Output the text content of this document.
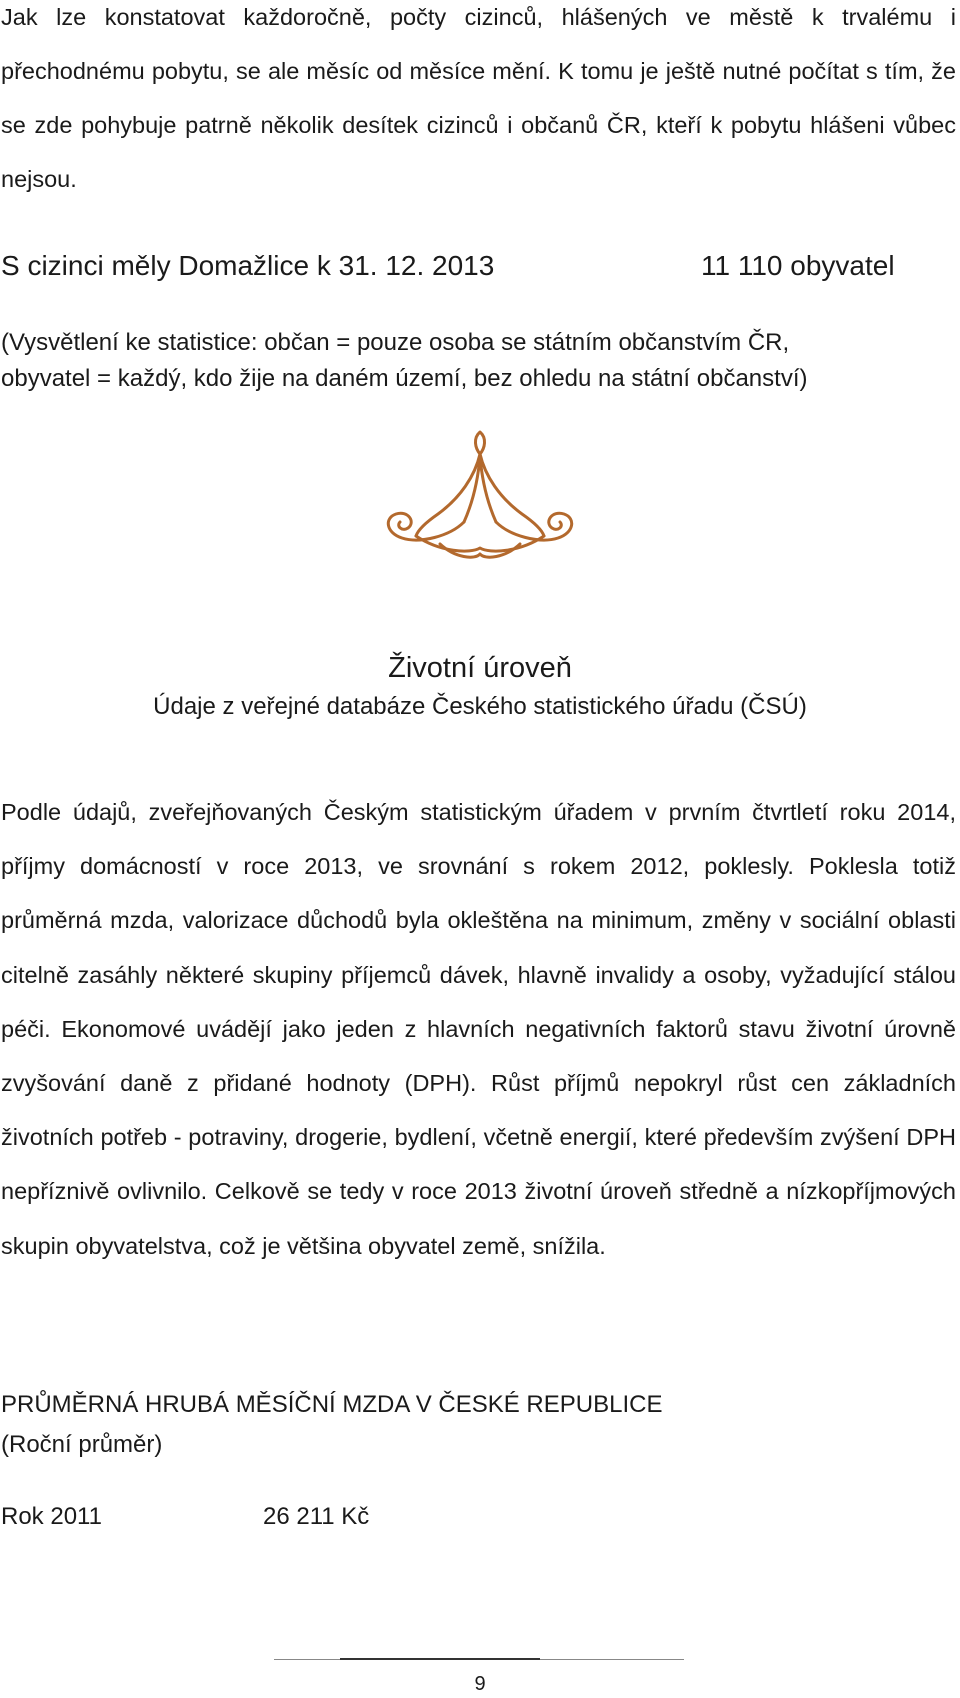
Jak lze konstatovat každoročně, počty cizinců, hlášených ve městě k trvalému i přechodnému pobytu, se ale měsíc od měsíce mění. K tomu je ještě nutné počítat s tím, že se zde pohybuje patrně několik desítek cizinců i občanů ČR, kteří k pobytu hlášeni vůbec nejsou.

S cizinci měly Domažlice k 31. 12. 2013	11 110 obyvatel
(Vysvětlení ke statistice: občan = pouze osoba se státním občanstvím ČR,
obyvatel = každý, kdo žije na daném území, bez ohledu na státní občanství)
Životní úroveň
Údaje z veřejné databáze Českého statistického úřadu (ČSÚ)

Podle údajů, zveřejňovaných Českým statistickým úřadem v prvním čtvrtletí roku 2014, příjmy domácností v roce 2013, ve srovnání s rokem 2012, poklesly. Poklesla totiž průměrná mzda, valorizace důchodů byla okleštěna na minimum, změny v sociální oblasti citelně zasáhly některé skupiny příjemců dávek, hlavně invalidy a osoby, vyžadující stálou péči. Ekonomové uvádějí jako jeden z hlavních negativních faktorů stavu životní úrovně zvyšování daně z přidané hodnoty (DPH). Růst příjmů nepokryl růst cen základních životních potřeb - potraviny, drogerie, bydlení, včetně energií, které především zvýšení DPH nepříznivě ovlivnilo. Celkově se tedy v roce 2013 životní úroveň středně a nízkopříjmových skupin obyvatelstva, což je většina obyvatel země, snížila.

PRŮMĚRNÁ HRUBÁ MĚSÍČNÍ MZDA V ČESKÉ REPUBLICE
(Roční průměr)
Rok 2011	26 211 Kč
9
